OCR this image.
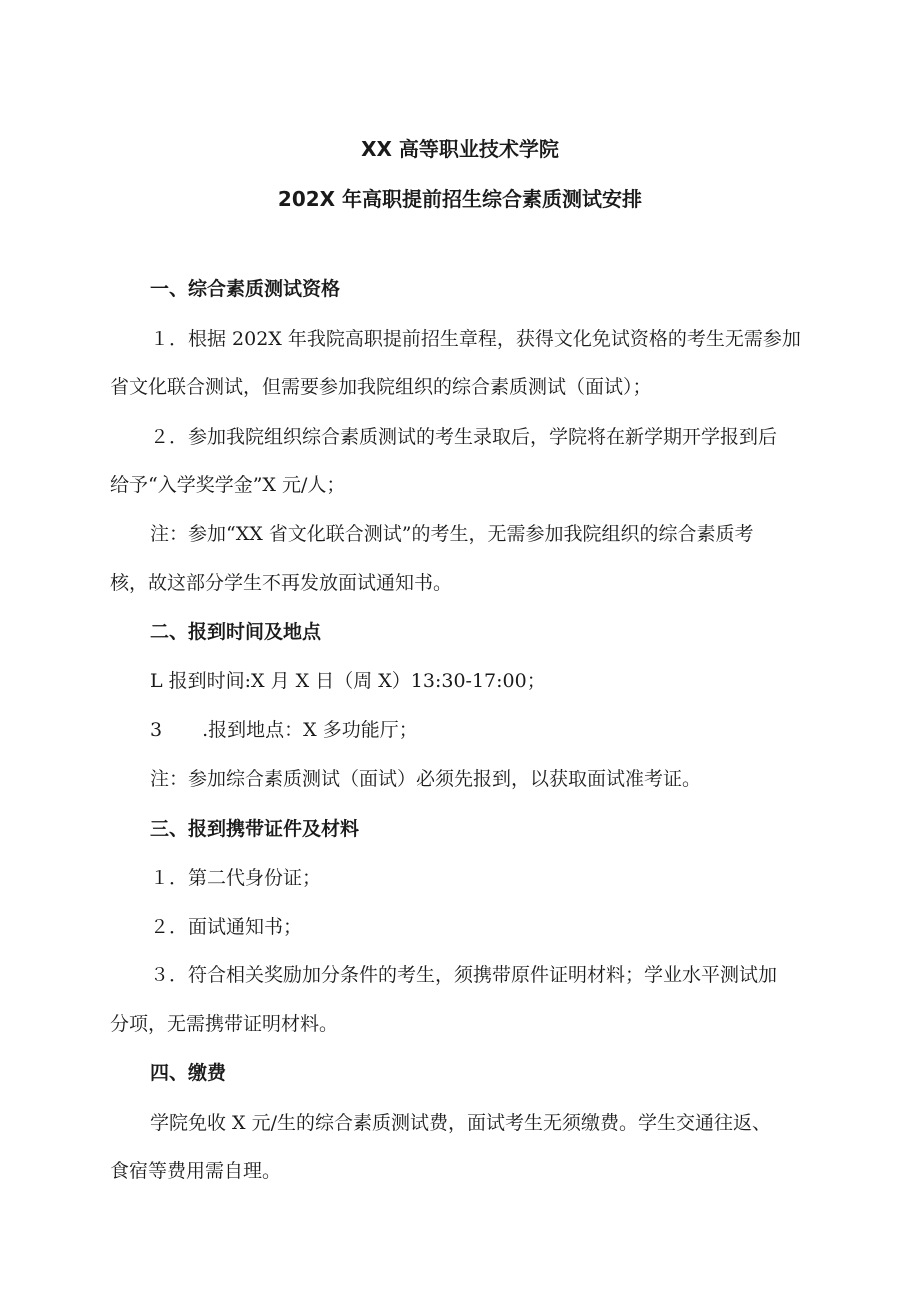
XX 高等职业技术学院
202X 年高职提前招生综合素质测试安排
一、综合素质测试资格
１．根据 202X 年我院高职提前招生章程，获得文化免试资格的考生无需参加
省文化联合测试，但需要参加我院组织的综合素质测试（面试）；
２．参加我院组织综合素质测试的考生录取后，学院将在新学期开学报到后
给予“入学奖学金”X 元/人；
注：参加“XX 省文化联合测试”的考生，无需参加我院组织的综合素质考
核，故这部分学生不再发放面试通知书。
二、报到时间及地点
L 报到时间:X 月 X 日（周 X）13:30-17:00；
3 .报到地点：X 多功能厅；
注：参加综合素质测试（面试）必须先报到，以获取面试准考证。
三、报到携带证件及材料
１．第二代身份证；
２．面试通知书；
３．符合相关奖励加分条件的考生，须携带原件证明材料；学业水平测试加
分项，无需携带证明材料。
四、缴费
学院免收 X 元/生的综合素质测试费，面试考生无须缴费。学生交通往返、
食宿等费用需自理。
